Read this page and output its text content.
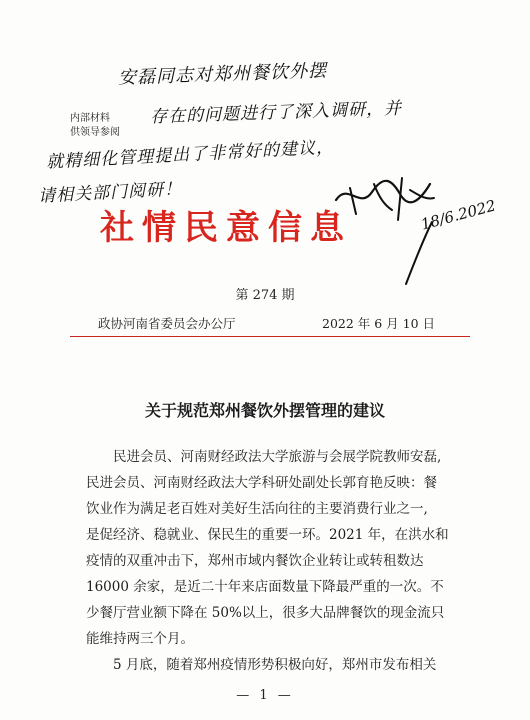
内部材料
供领导参阅
安磊同志对郑州餐饮外摆
存在的问题进行了深入调研，并
就精细化管理提出了非常好的建议，
请相关部门阅研！
社情民意信息	18/6.2022
第 274 期
政协河南省委员会办公厅	2022 年 6 月 10 日
关于规范郑州餐饮外摆管理的建议
民进会员、河南财经政法大学旅游与会展学院教师安磊,
民进会员、河南财经政法大学科研处副处长郭育艳反映：餐
饮业作为满足老百姓对美好生活向往的主要消费行业之一,
是促经济、稳就业、保民生的重要一环。2021 年，在洪水和
疫情的双重冲击下，郑州市域内餐饮企业转让或转租数达
16000 余家，是近二十年来店面数量下降最严重的一次。不
少餐厅营业额下降在 50%以上，很多大品牌餐饮的现金流只
能维持两三个月。
5 月底，随着郑州疫情形势积极向好，郑州市发布相关
— 1 —
